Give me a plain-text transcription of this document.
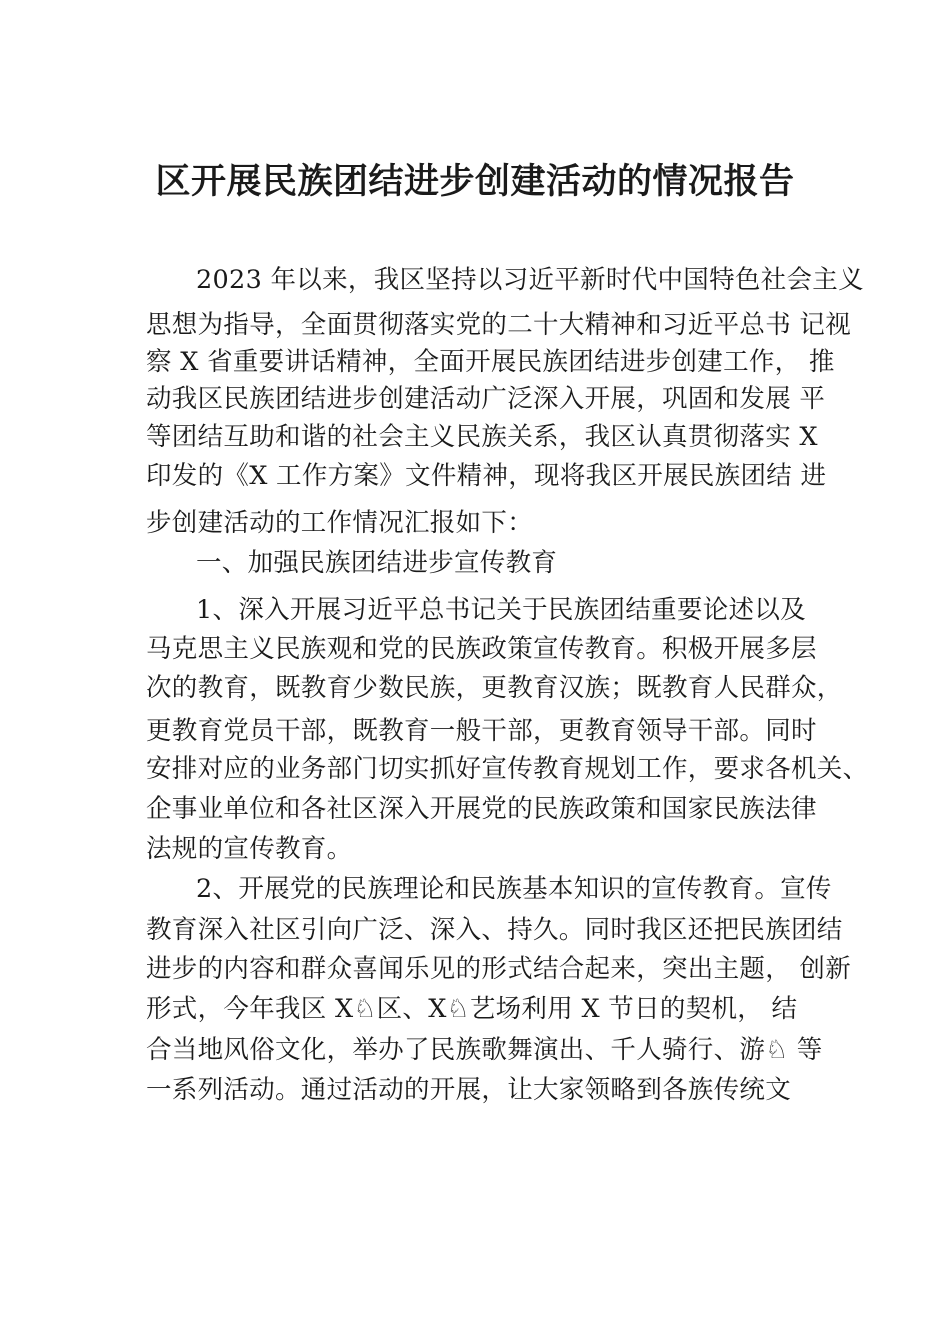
区开展民族团结进步创建活动的情况报告
2023 年以来，我区坚持以习近平新时代中国特色社会主义
思想为指导，全面贯彻落实党的二十大精神和习近平总书 记视
察 X 省重要讲话精神，全面开展民族团结进步创建工作， 推
动我区民族团结进步创建活动广泛深入开展，巩固和发展 平
等团结互助和谐的社会主义民族关系，我区认真贯彻落实 X
印发的《X 工作方案》文件精神，现将我区开展民族团结 进
步创建活动的工作情况汇报如下：
一、加强民族团结进步宣传教育
1、深入开展习近平总书记关于民族团结重要论述以及
马克思主义民族观和党的民族政策宣传教育。积极开展多层
次的教育，既教育少数民族，更教育汉族；既教育人民群众，
更教育党员干部，既教育一般干部，更教育领导干部。同时
安排对应的业务部门切实抓好宣传教育规划工作，要求各机关、
企事业单位和各社区深入开展党的民族政策和国家民族法律
法规的宣传教育。
2、开展党的民族理论和民族基本知识的宣传教育。宣传
教育深入社区引向广泛、深入、持久。同时我区还把民族团结
进步的内容和群众喜闻乐见的形式结合起来，突出主题， 创新
形式，今年我区 X♘区、X♘艺场利用 X 节日的契机， 结
合当地风俗文化，举办了民族歌舞演出、千人骑行、游♘ 等
一系列活动。通过活动的开展，让大家领略到各族传统文
